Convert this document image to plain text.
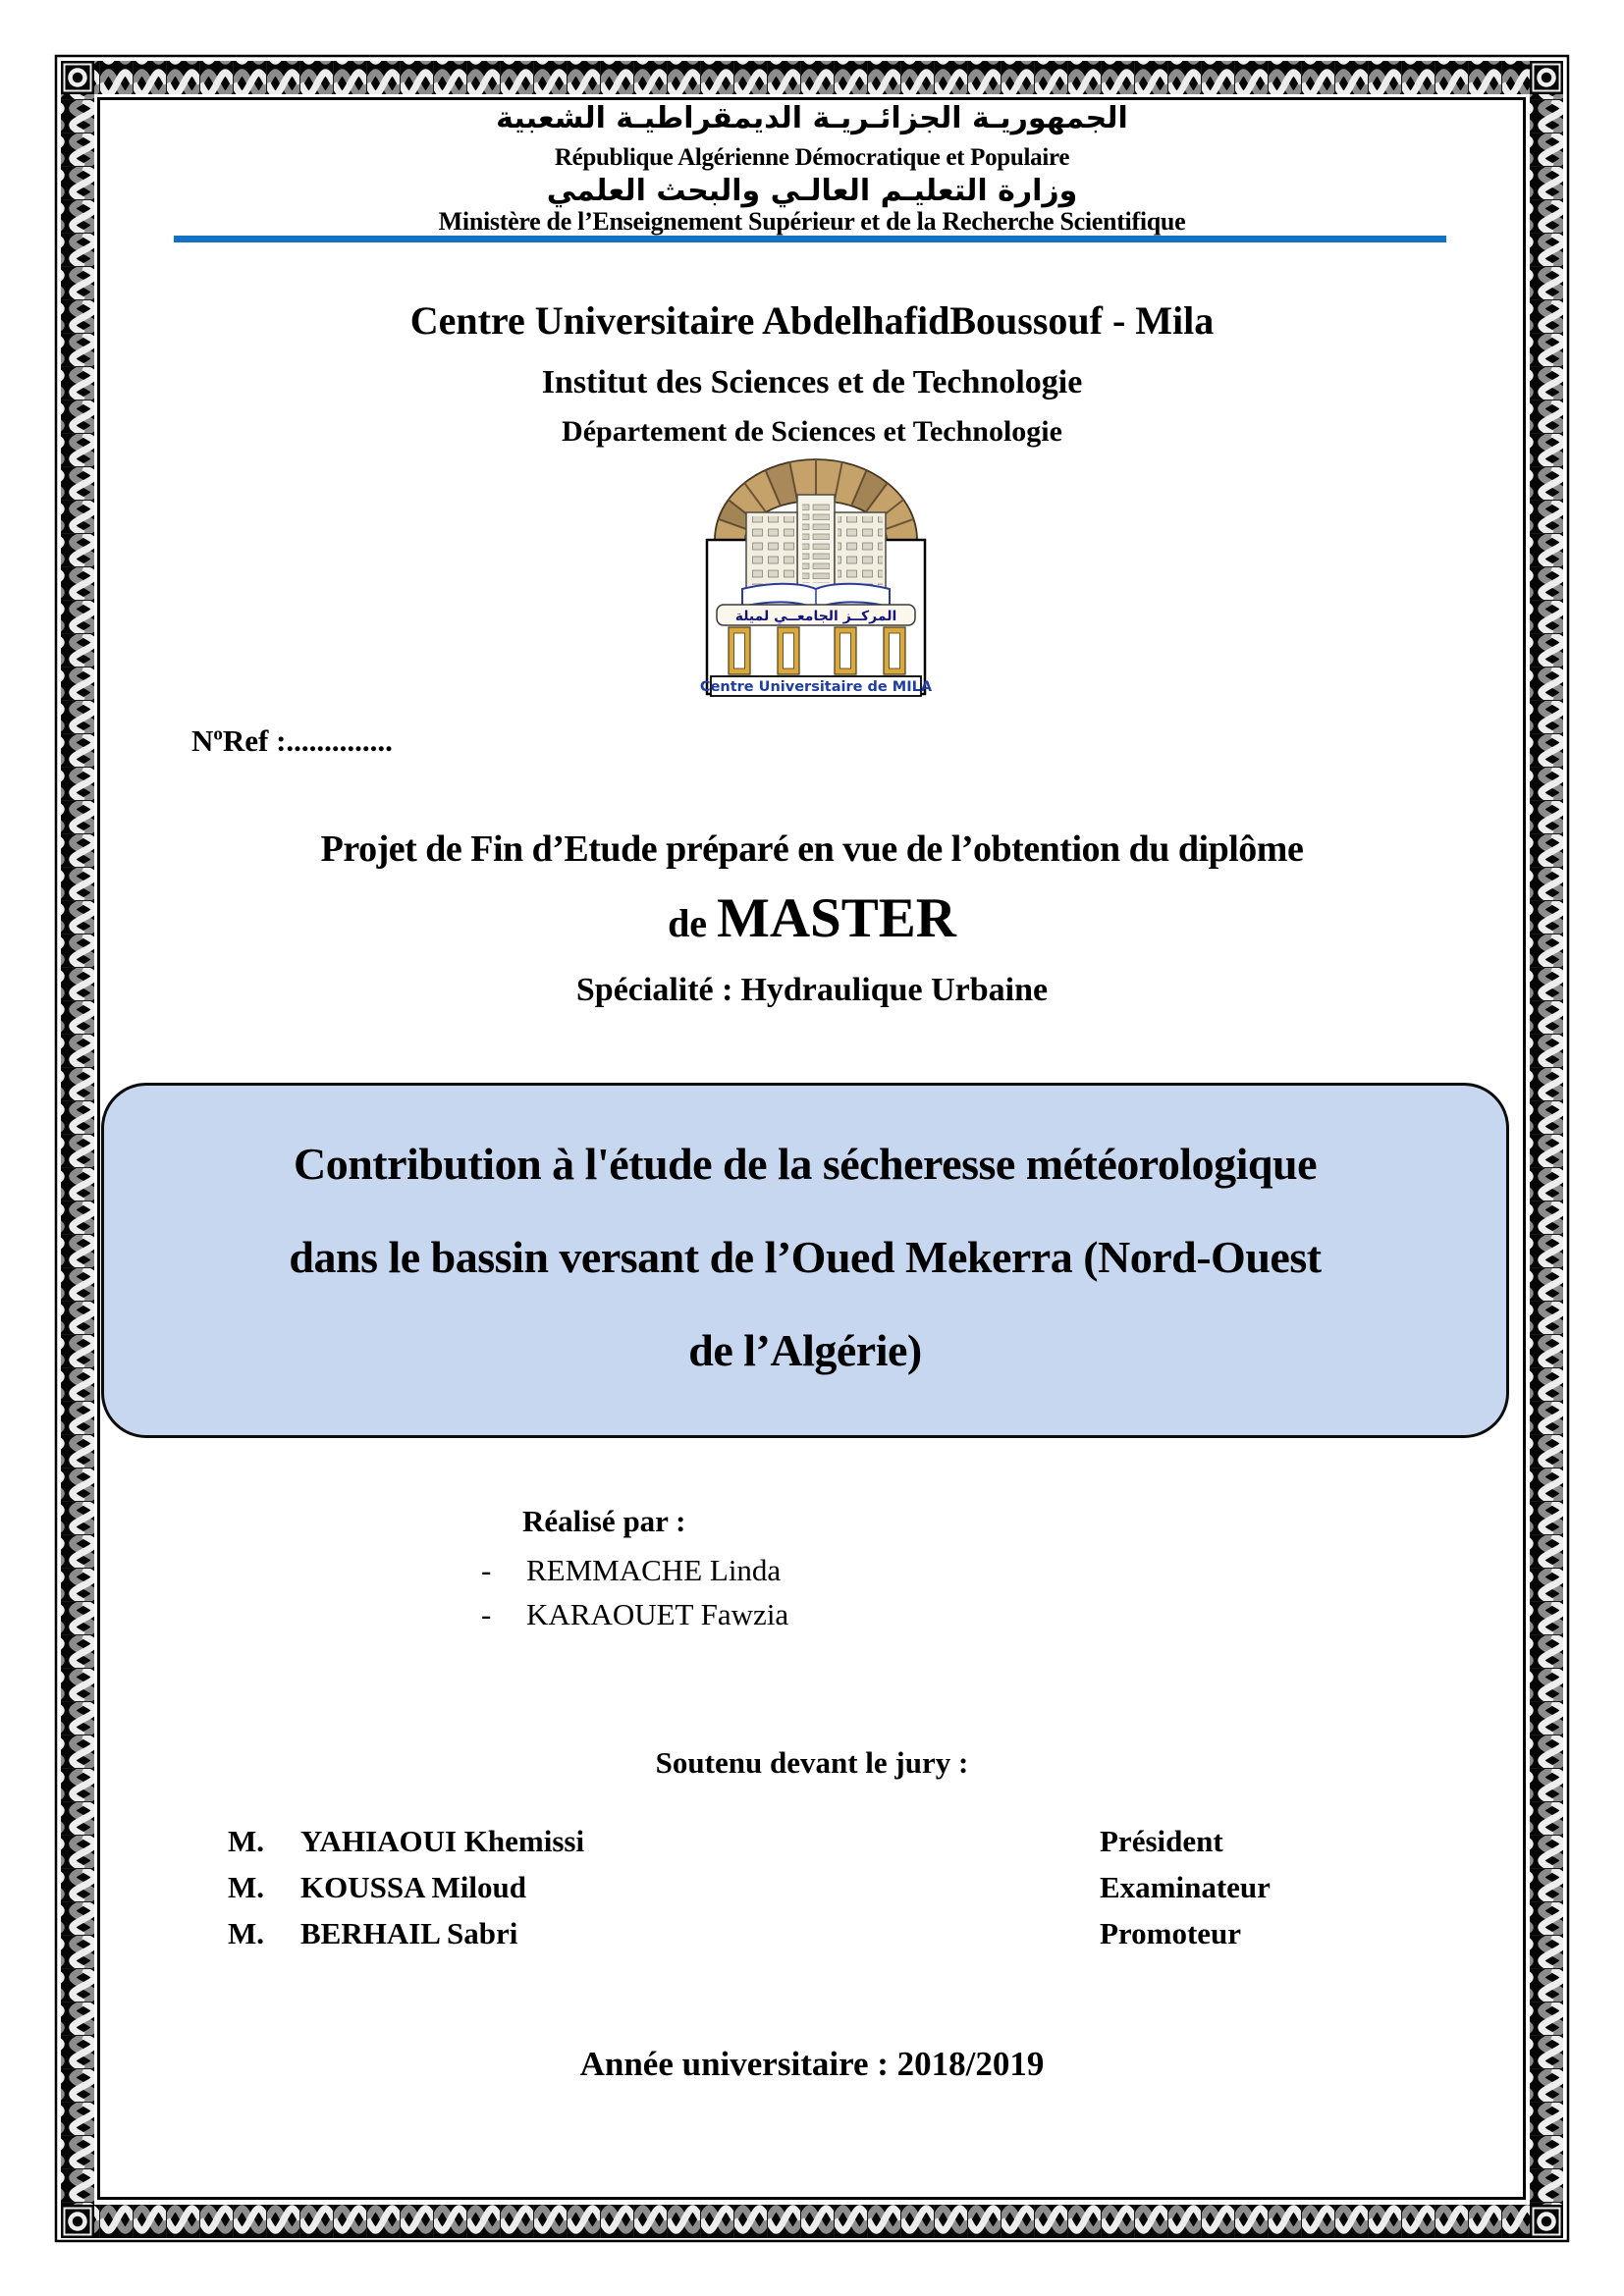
الجمهوريـة الجزائـريـة الديمقراطيـة الشعبية
République Algérienne Démocratique et Populaire
وزارة التعليـم العالـي والبحث العلمي
Ministère de l’Enseignement Supérieur et de la Recherche Scientifique
Centre Universitaire AbdelhafidBoussouf - Mila
Institut des Sciences et de Technologie
Département de Sciences et Technologie
المركــز الجامعــي لميلة
Centre Universitaire de MILA
$N^oRef$ :..............
Projet de Fin d’Etude préparé en vue de l’obtention du diplôme
de MASTER
Spécialité : Hydraulique Urbaine
Contribution à l'étude de la sécheresse météorologique
dans le bassin versant de l’Oued Mekerra (Nord-Ouest
de l’Algérie)
Réalisé par :
- REMMACHE Linda
- KARAOUET Fawzia
Soutenu devant le jury :
M.	YAHIAOUI Khemissi	Président
M.	KOUSSA Miloud	Examinateur
M.	BERHAIL Sabri	Promoteur
Année universitaire : 2018/2019
